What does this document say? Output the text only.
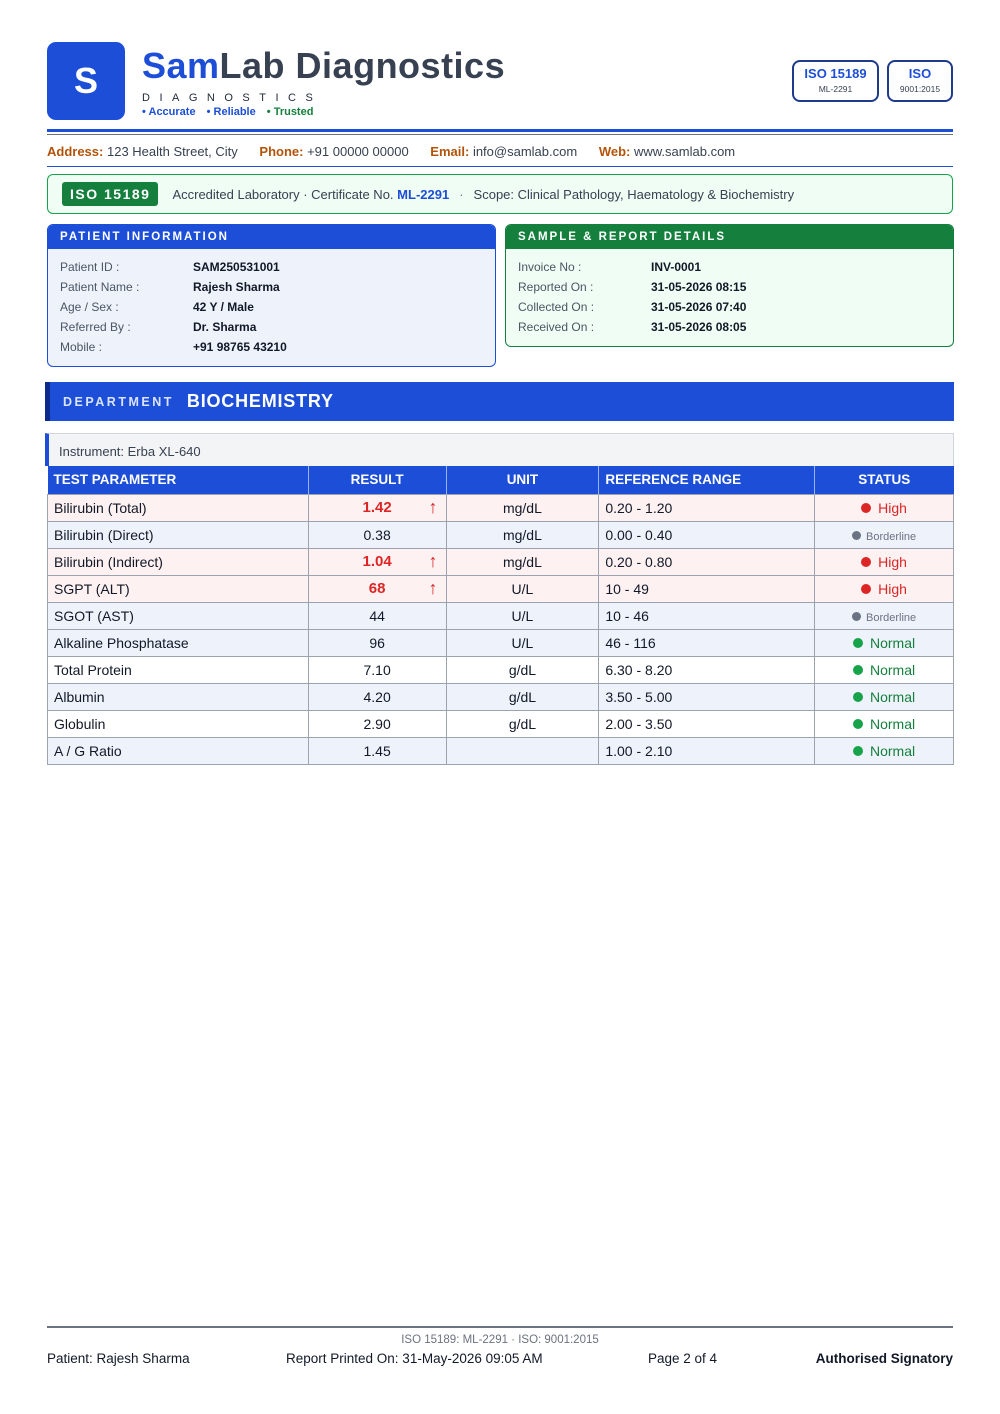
S	SamLab Diagnostics
DIAGNOSTICS
• Accurate • Reliable • Trusted
ISO 15189
ML-2291
ISO
9001:2015
Address: 123 Health Street, City Phone: +91 00000 00000 Email: info@samlab.com Web: www.samlab.com
ISO 15189	Accredited Laboratory · Certificate No.
ML-2291 · Scope: Clinical Pathology, Haematology & Biochemistry
PATIENT INFORMATION
Patient ID :	SAM250531001
Patient Name :	Rajesh Sharma
Age / Sex :	42 Y / Male
Referred By :	Dr. Sharma
Mobile :	+91 98765 43210
SAMPLE & REPORT DETAILS
Invoice No :	INV-0001
Reported On :	31-05-2026 08:15
Collected On :	31-05-2026 07:40
Received On :	31-05-2026 08:05
DEPARTMENT BIOCHEMISTRY
Instrument: Erba XL-640
TEST PARAMETER	RESULT	UNIT	REFERENCE RANGE	STATUS
Bilirubin (Total)	1.42 ↑	mg/dL	0.20 - 1.20	High
Bilirubin (Direct)	0.38	mg/dL	0.00 - 0.40	Borderline
Bilirubin (Indirect)	1.04 ↑	mg/dL	0.20 - 0.80	High
SGPT (ALT)	68 ↑	U/L	10 - 49	High
SGOT (AST)	44	U/L	10 - 46	Borderline
Alkaline Phosphatase	96	U/L	46 - 116	Normal
Total Protein	7.10	g/dL	6.30 - 8.20	Normal
Albumin	4.20	g/dL	3.50 - 5.00	Normal
Globulin	2.90	g/dL	2.00 - 3.50	Normal
A / G Ratio	1.45		1.00 - 2.10	Normal
ISO 15189: ML-2291 · ISO: 9001:2015
Patient: Rajesh Sharma	Report Printed On: 31-May-2026 09:05 AM	Page 2 of 4	Authorised Signatory
